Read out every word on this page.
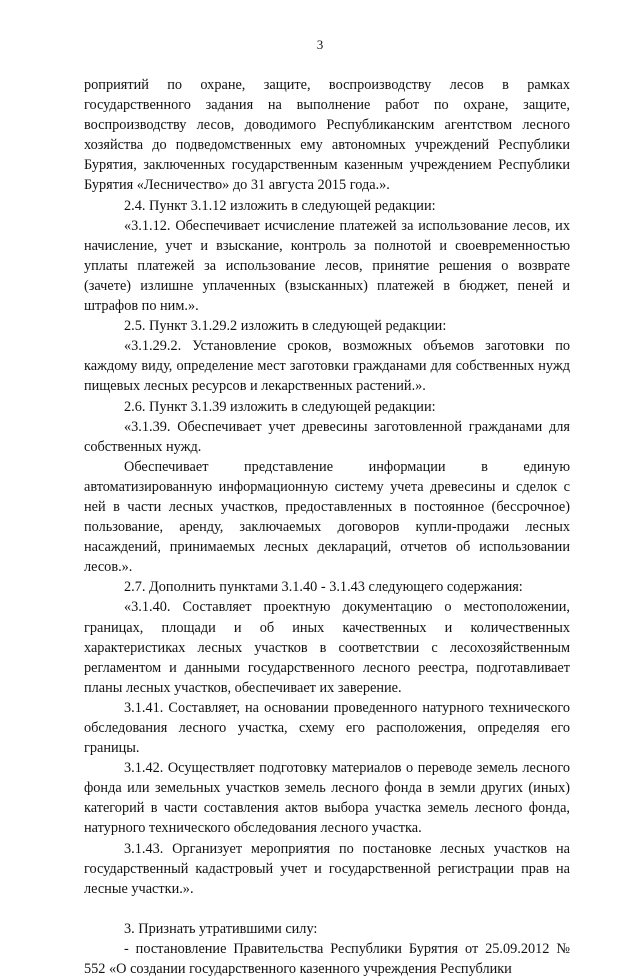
3

роприятий по охране, защите, воспроизводству лесов в рамках государственного задания на выполнение работ по охране, защите, воспроизводству лесов, доводимого Республиканским агентством лесного хозяйства до подведомственных ему автономных учреждений Республики Бурятия, заключенных государственным казенным учреждением Республики Бурятия «Лесничество» до 31 августа 2015 года.».

2.4. Пункт 3.1.12 изложить в следующей редакции:

«3.1.12. Обеспечивает исчисление платежей за использование лесов, их начисление, учет и взыскание, контроль за полнотой и своевременностью уплаты платежей за использование лесов, принятие решения о возврате (зачете) излишне уплаченных (взысканных) платежей в бюджет, пеней и штрафов по ним.».

2.5. Пункт 3.1.29.2 изложить в следующей редакции:

«3.1.29.2. Установление сроков, возможных объемов заготовки по каждому виду, определение мест заготовки гражданами для собственных нужд пищевых лесных ресурсов и лекарственных растений.».

2.6. Пункт 3.1.39 изложить в следующей редакции:

«3.1.39. Обеспечивает учет древесины заготовленной гражданами для собственных нужд.

Обеспечивает представление информации в единую автоматизированную информационную систему учета древесины и сделок с ней в части лесных участков, предоставленных в постоянное (бессрочное) пользование, аренду, заключаемых договоров купли-продажи лесных насаждений, принимаемых лесных деклараций, отчетов об использовании лесов.».

2.7. Дополнить пунктами 3.1.40 - 3.1.43 следующего содержания:

«3.1.40. Составляет проектную документацию о местоположении, границах, площади и об иных качественных и количественных характеристиках лесных участков в соответствии с лесохозяйственным регламентом и данными государственного лесного реестра, подготавливает планы лесных участков, обеспечивает их заверение.

3.1.41. Составляет, на основании проведенного натурного технического обследования лесного участка, схему его расположения, определяя его границы.

3.1.42. Осуществляет подготовку материалов о переводе земель лесного фонда или земельных участков земель лесного фонда в земли других (иных) категорий в части составления актов выбора участка земель лесного фонда, натурного технического обследования лесного участка.

3.1.43. Организует мероприятия по постановке лесных участков на государственный кадастровый учет и государственной регистрации прав на лесные участки.».

3. Признать утратившими силу:

- постановление Правительства Республики Бурятия от 25.09.2012 № 552 «О создании государственного казенного учреждения Республики
